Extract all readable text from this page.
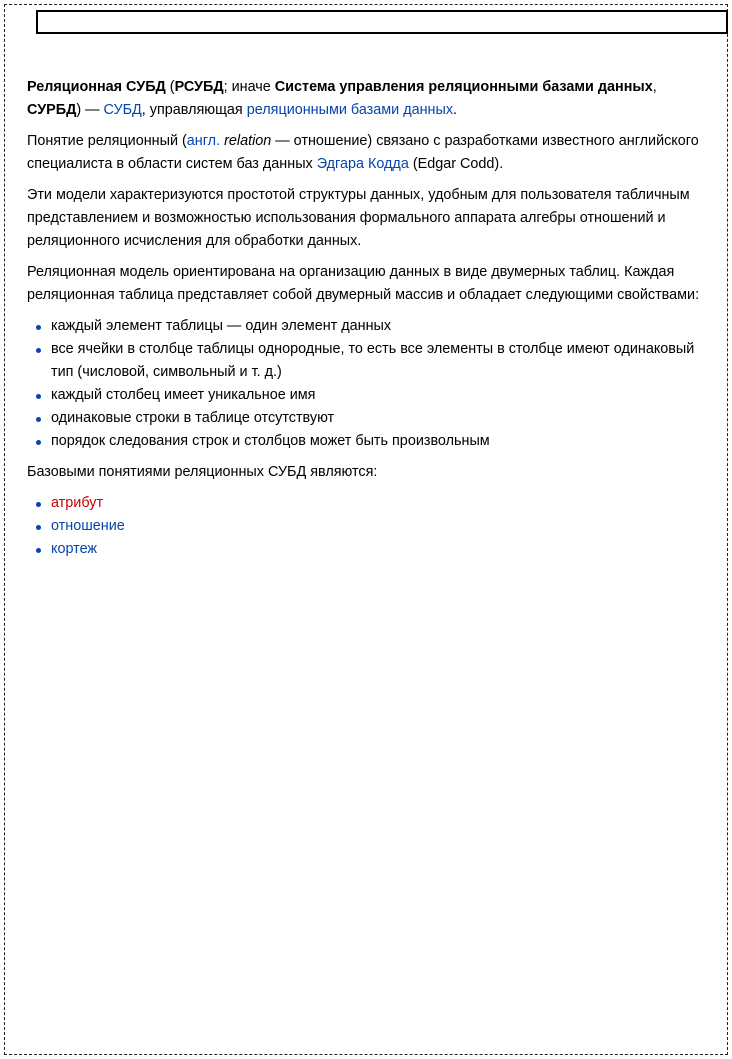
Реляционная СУБД (РСУБД; иначе Система управления реляционными базами данных, СУРБД) — СУБД, управляющая реляционными базами данных.

Понятие реляционный (англ. relation — отношение) связано с разработками известного английского специалиста в области систем баз данных Эдгара Кодда (Edgar Codd).

Эти модели характеризуются простотой структуры данных, удобным для пользователя табличным представлением и возможностью использования формального аппарата алгебры отношений и реляционного исчисления для обработки данных.

Реляционная модель ориентирована на организацию данных в виде двумерных таблиц. Каждая реляционная таблица представляет собой двумерный массив и обладает следующими свойствами:

каждый элемент таблицы — один элемент данных
все ячейки в столбце таблицы однородные, то есть все элементы в столбце имеют одинаковый тип (числовой, символьный и т. д.)
каждый столбец имеет уникальное имя
одинаковые строки в таблице отсутствуют
порядок следования строк и столбцов может быть произвольным

Базовыми понятиями реляционных СУБД являются:

атрибут
отношение
кортеж
